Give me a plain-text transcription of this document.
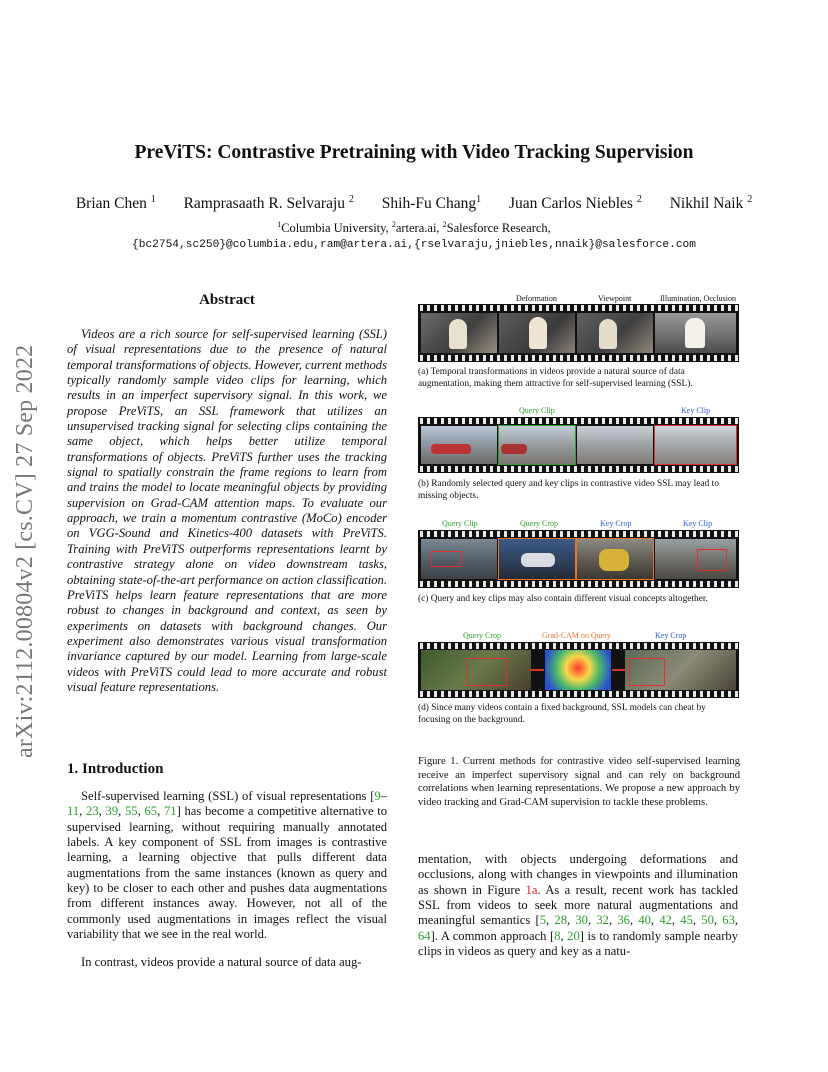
PreViTS: Contrastive Pretraining with Video Tracking Supervision
Brian Chen $^1$ Ramprasaath R. Selvaraju $^2$ Shih-Fu Chang$^1$ Juan Carlos Niebles $^2$ Nikhil Naik $^2$
$^1$Columbia University, $^2$artera.ai, $^2$Salesforce Research,
{bc2754,sc250}@columbia.edu,ram@artera.ai,{rselvaraju,jniebles,nnaik}@salesforce.com
arXiv:2112.00804v2 [cs.CV] 27 Sep 2022
Abstract
Videos are a rich source for self-supervised learning (SSL) of visual representations due to the presence of natural temporal transformations of objects. However, current methods typically randomly sample video clips for learning, which results in an imperfect supervisory signal. In this work, we propose PreViTS, an SSL framework that utilizes an unsupervised tracking signal for selecting clips containing the same object, which helps better utilize temporal transformations of objects. PreViTS further uses the tracking signal to spatially constrain the frame regions to learn from and trains the model to locate meaningful objects by providing supervision on Grad-CAM attention maps. To evaluate our approach, we train a momentum contrastive (MoCo) encoder on VGG-Sound and Kinetics-400 datasets with PreViTS. Training with PreViTS outperforms representations learnt by contrastive strategy alone on video downstream tasks, obtaining state-of-the-art performance on action classification. PreViTS helps learn feature representations that are more robust to changes in background and context, as seen by experiments on datasets with background changes. Our experiment also demonstrates various visual transformation invariance captured by our model. Learning from large-scale videos with PreViTS could lead to more accurate and robust visual feature representations.
1. Introduction
Self-supervised learning (SSL) of visual representations [9–11, 23, 39, 55, 65, 71] has become a competitive alternative to supervised learning, without requiring manually annotated labels. A key component of SSL from images is contrastive learning, a learning objective that pulls different data augmentations from the same instances (known as query and key) to be closer to each other and pushes data augmentations from different instances away. However, not all of the commonly used augmentations in images reflect the visual variability that we see in the real world.
In contrast, videos provide a natural source of data aug-
mentation, with objects undergoing deformations and occlusions, along with changes in viewpoints and illumination as shown in Figure 1a. As a result, recent work has tackled SSL from videos to seek more natural augmentations and meaningful semantics [5, 28, 30, 32, 36, 40, 42, 45, 50, 63, 64]. A common approach [8, 20] is to randomly sample nearby clips in videos as query and key as a natu-
Deformation	Viewpoint	Illumination, Occlusion
(a) Temporal transformations in videos provide a natural source of data augmentation, making them attractive for self-supervised learning (SSL).
Query Clip	Key Clip
(b) Randomly selected query and key clips in contrastive video SSL may lead to missing objects.
Query Clip	Query Crop	Key Crop	Key Clip
(c) Query and key clips may also contain different visual concepts altogether.
Query Crop	Grad-CAM on Query	Key Crop
(d) Since many videos contain a fixed background, SSL models can cheat by focusing on the background.
Figure 1. Current methods for contrastive video self-supervised learning receive an imperfect supervisory signal and can rely on background correlations when learning representations. We propose a new approach by video tracking and Grad-CAM supervision to tackle these problems.
